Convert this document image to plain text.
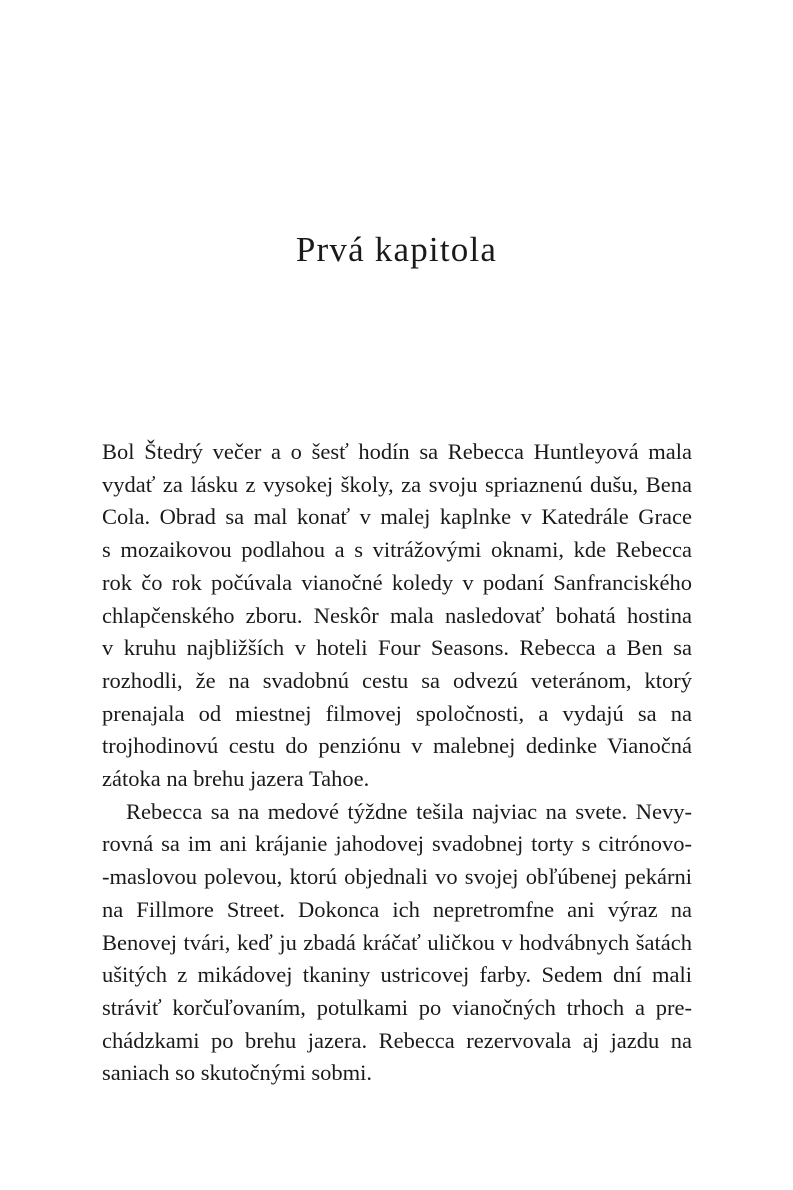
Prvá kapitola

Bol Štedrý večer a o šesť hodín sa Rebecca Huntleyová mala
vydať za lásku z vysokej školy, za svoju spriaznenú dušu, Bena
Cola. Obrad sa mal konať v malej kaplnke v Katedrále Grace
s mozaikovou podlahou a s vitrážovými oknami, kde Rebecca
rok čo rok počúvala vianočné koledy v podaní Sanfranciského
chlapčenského zboru. Neskôr mala nasledovať bohatá hostina
v kruhu najbližších v hoteli Four Seasons. Rebecca a Ben sa
rozhodli, že na svadobnú cestu sa odvezú veteránom, ktorý
prenajala od miestnej filmovej spoločnosti, a vydajú sa na
trojhodinovú cestu do penziónu v malebnej dedinke Vianočná
zátoka na brehu jazera Tahoe.

Rebecca sa na medové týždne tešila najviac na svete. Nevy-
rovná sa im ani krájanie jahodovej svadobnej torty s citrónovo-
-maslovou polevou, ktorú objednali vo svojej obľúbenej pekárni
na Fillmore Street. Dokonca ich nepretromfne ani výraz na
Benovej tvári, keď ju zbadá kráčať uličkou v hodvábnych šatách
ušitých z mikádovej tkaniny ustricovej farby. Sedem dní mali
stráviť korčuľovaním, potulkami po vianočných trhoch a pre-
chádzkami po brehu jazera. Rebecca rezervovala aj jazdu na
saniach so skutočnými sobmi.
